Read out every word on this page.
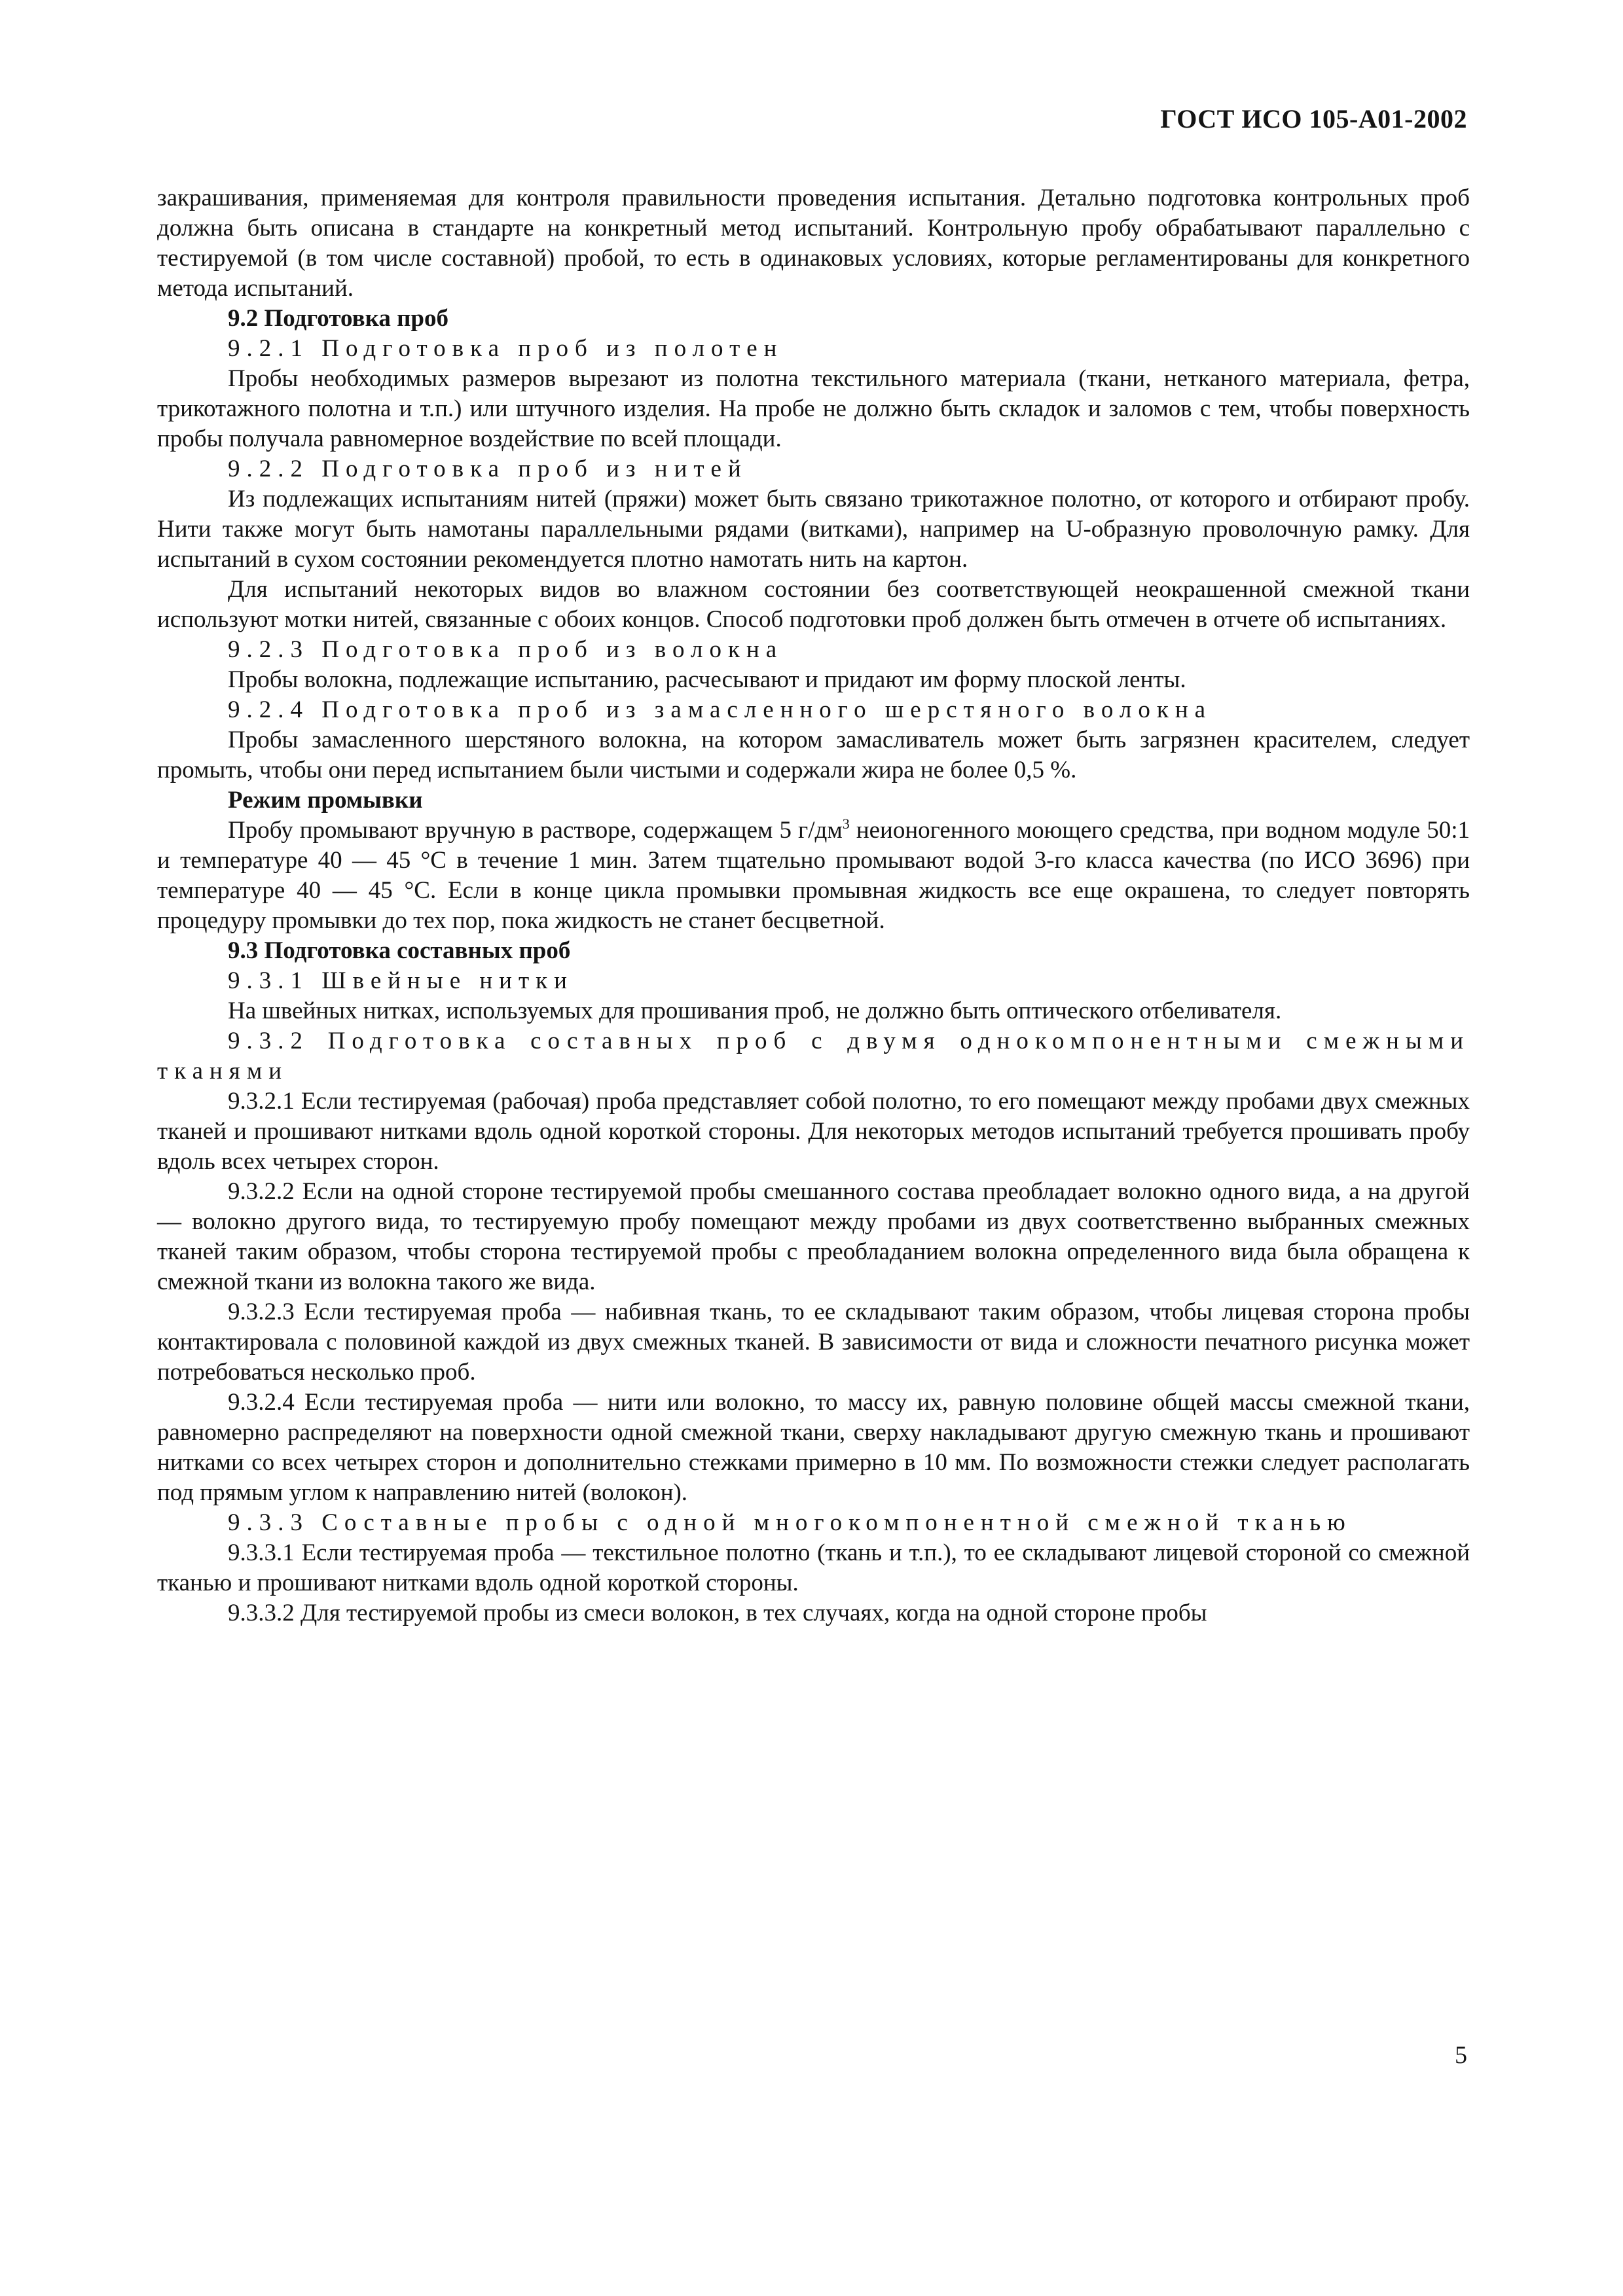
ГОСТ ИСО 105-A01-2002

закрашивания, применяемая для контроля правильности проведения испытания. Детально подготовка контрольных проб должна быть описана в стандарте на конкретный метод испытаний. Контрольную пробу обрабатывают параллельно с тестируемой (в том числе составной) пробой, то есть в одинаковых условиях, которые регламентированы для конкретного метода испытаний.

9.2 Подготовка проб

9.2.1 Подготовка проб из полотен

Пробы необходимых размеров вырезают из полотна текстильного материала (ткани, нетканого материала, фетра, трикотажного полотна и т.п.) или штучного изделия. На пробе не должно быть складок и заломов с тем, чтобы поверхность пробы получала равномерное воздействие по всей площади.

9.2.2 Подготовка проб из нитей

Из подлежащих испытаниям нитей (пряжи) может быть связано трикотажное полотно, от которого и отбирают пробу. Нити также могут быть намотаны параллельными рядами (витками), например на U-образную проволочную рамку. Для испытаний в сухом состоянии рекомендуется плотно намотать нить на картон.

Для испытаний некоторых видов во влажном состоянии без соответствующей неокрашенной смежной ткани используют мотки нитей, связанные с обоих концов. Способ подготовки проб должен быть отмечен в отчете об испытаниях.

9.2.3 Подготовка проб из волокна

Пробы волокна, подлежащие испытанию, расчесывают и придают им форму плоской ленты.

9.2.4 Подготовка проб из замасленного шерстяного волокна

Пробы замасленного шерстяного волокна, на котором замасливатель может быть загрязнен красителем, следует промыть, чтобы они перед испытанием были чистыми и содержали жира не более 0,5 %.

Режим промывки

Пробу промывают вручную в растворе, содержащем 5 $г/дм^3$ неионогенного моющего средства, при водном модуле 50:1 и температуре 40 — 45 °С в течение 1 мин. Затем тщательно промывают водой 3-го класса качества (по ИСО 3696) при температуре 40 — 45 °С. Если в конце цикла промывки промывная жидкость все еще окрашена, то следует повторять процедуру промывки до тех пор, пока жидкость не станет бесцветной.

9.3 Подготовка составных проб

9.3.1 Швейные нитки

На швейных нитках, используемых для прошивания проб, не должно быть оптического отбеливателя.

9.3.2 Подготовка составных проб с двумя однокомпонентными смежными тканями

9.3.2.1 Если тестируемая (рабочая) проба представляет собой полотно, то его помещают между пробами двух смежных тканей и прошивают нитками вдоль одной короткой стороны. Для некоторых методов испытаний требуется прошивать пробу вдоль всех четырех сторон.

9.3.2.2 Если на одной стороне тестируемой пробы смешанного состава преобладает волокно одного вида, а на другой — волокно другого вида, то тестируемую пробу помещают между пробами из двух соответственно выбранных смежных тканей таким образом, чтобы сторона тестируемой пробы с преобладанием волокна определенного вида была обращена к смежной ткани из волокна такого же вида.

9.3.2.3 Если тестируемая проба — набивная ткань, то ее складывают таким образом, чтобы лицевая сторона пробы контактировала с половиной каждой из двух смежных тканей. В зависимости от вида и сложности печатного рисунка может потребоваться несколько проб.

9.3.2.4 Если тестируемая проба — нити или волокно, то массу их, равную половине общей массы смежной ткани, равномерно распределяют на поверхности одной смежной ткани, сверху накладывают другую смежную ткань и прошивают нитками со всех четырех сторон и дополнительно стежками примерно в 10 мм. По возможности стежки следует располагать под прямым углом к направлению нитей (волокон).

9.3.3 Составные пробы с одной многокомпонентной смежной тканью

9.3.3.1 Если тестируемая проба — текстильное полотно (ткань и т.п.), то ее складывают лицевой стороной со смежной тканью и прошивают нитками вдоль одной короткой стороны.

9.3.3.2 Для тестируемой пробы из смеси волокон, в тех случаях, когда на одной стороне пробы

5
